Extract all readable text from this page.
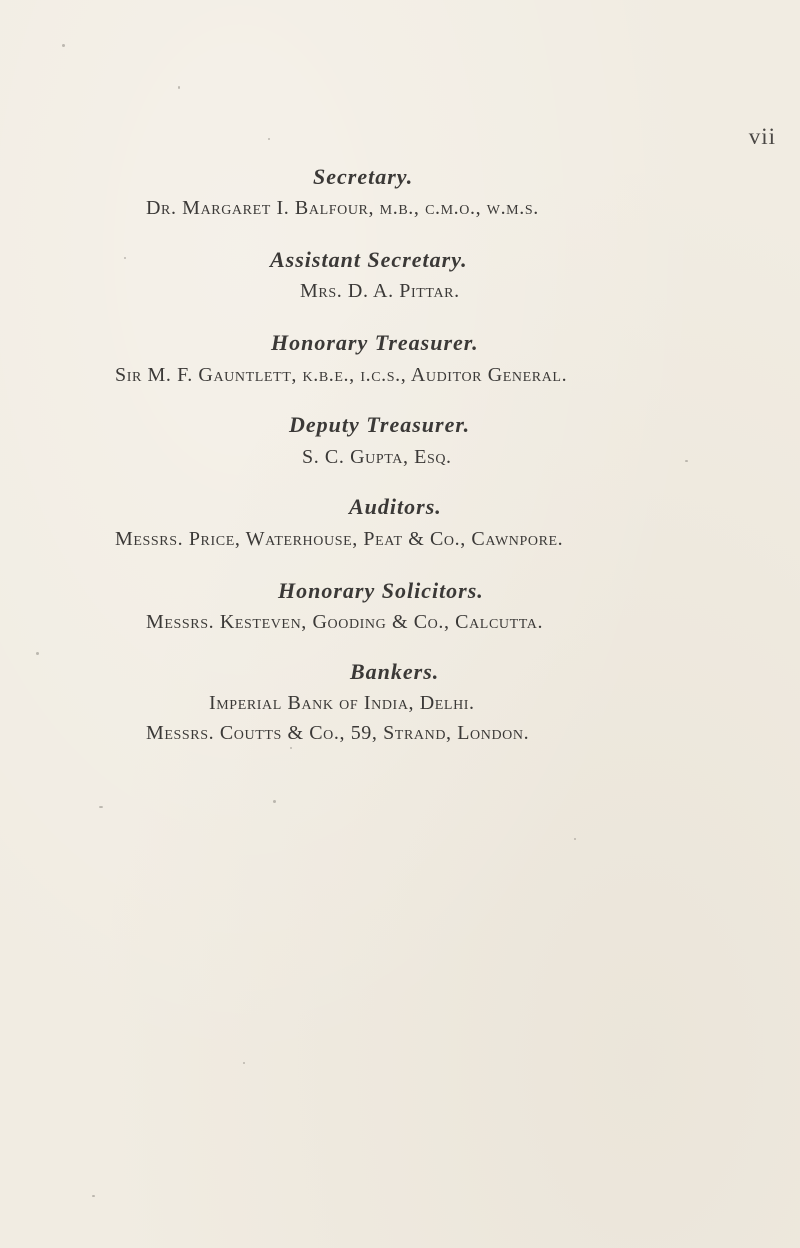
vii
Secretary.
Dr. Margaret I. Balfour, m.b., c.m.o., w.m.s.
Assistant Secretary.
Mrs. D. A. Pittar.
Honorary Treasurer.
Sir M. F. Gauntlett, k.b.e., i.c.s., Auditor General.
Deputy Treasurer.
S. C. Gupta, Esq.
Auditors.
Messrs. Price, Waterhouse, Peat & Co., Cawnpore.
Honorary Solicitors.
Messrs. Kesteven, Gooding & Co., Calcutta.
Bankers.
Imperial Bank of India, Delhi.
Messrs. Coutts & Co., 59, Strand, London.
